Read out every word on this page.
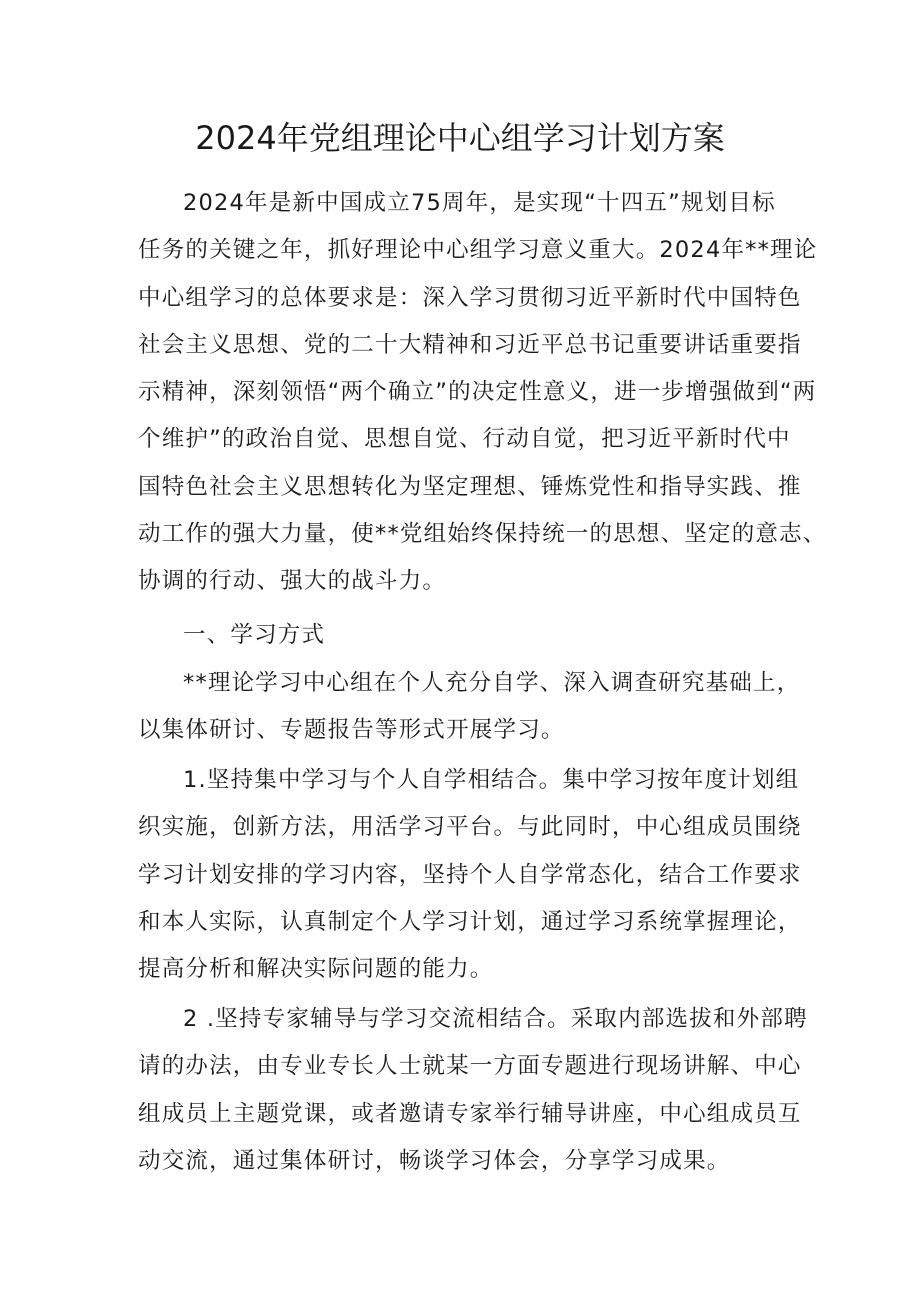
2024年党组理论中心组学习计划方案
2024年是新中国成立75周年，是实现“十四五”规划目标
任务的关键之年，抓好理论中心组学习意义重大。2024年**理论
中心组学习的总体要求是：深入学习贯彻习近平新时代中国特色
社会主义思想、党的二十大精神和习近平总书记重要讲话重要指
示精神，深刻领悟“两个确立”的决定性意义，进一步增强做到“两
个维护”的政治自觉、思想自觉、行动自觉，把习近平新时代中
国特色社会主义思想转化为坚定理想、锤炼党性和指导实践、推
动工作的强大力量，使**党组始终保持统一的思想、坚定的意志、
协调的行动、强大的战斗力。
一、学习方式
**理论学习中心组在个人充分自学、深入调查研究基础上，
以集体研讨、专题报告等形式开展学习。
1.坚持集中学习与个人自学相结合。集中学习按年度计划组
织实施，创新方法，用活学习平台。与此同时，中心组成员围绕
学习计划安排的学习内容，坚持个人自学常态化，结合工作要求
和本人实际，认真制定个人学习计划，通过学习系统掌握理论，
提高分析和解决实际问题的能力。
2 .坚持专家辅导与学习交流相结合。采取内部选拔和外部聘
请的办法，由专业专长人士就某一方面专题进行现场讲解、中心
组成员上主题党课，或者邀请专家举行辅导讲座，中心组成员互
动交流，通过集体研讨，畅谈学习体会，分享学习成果。
